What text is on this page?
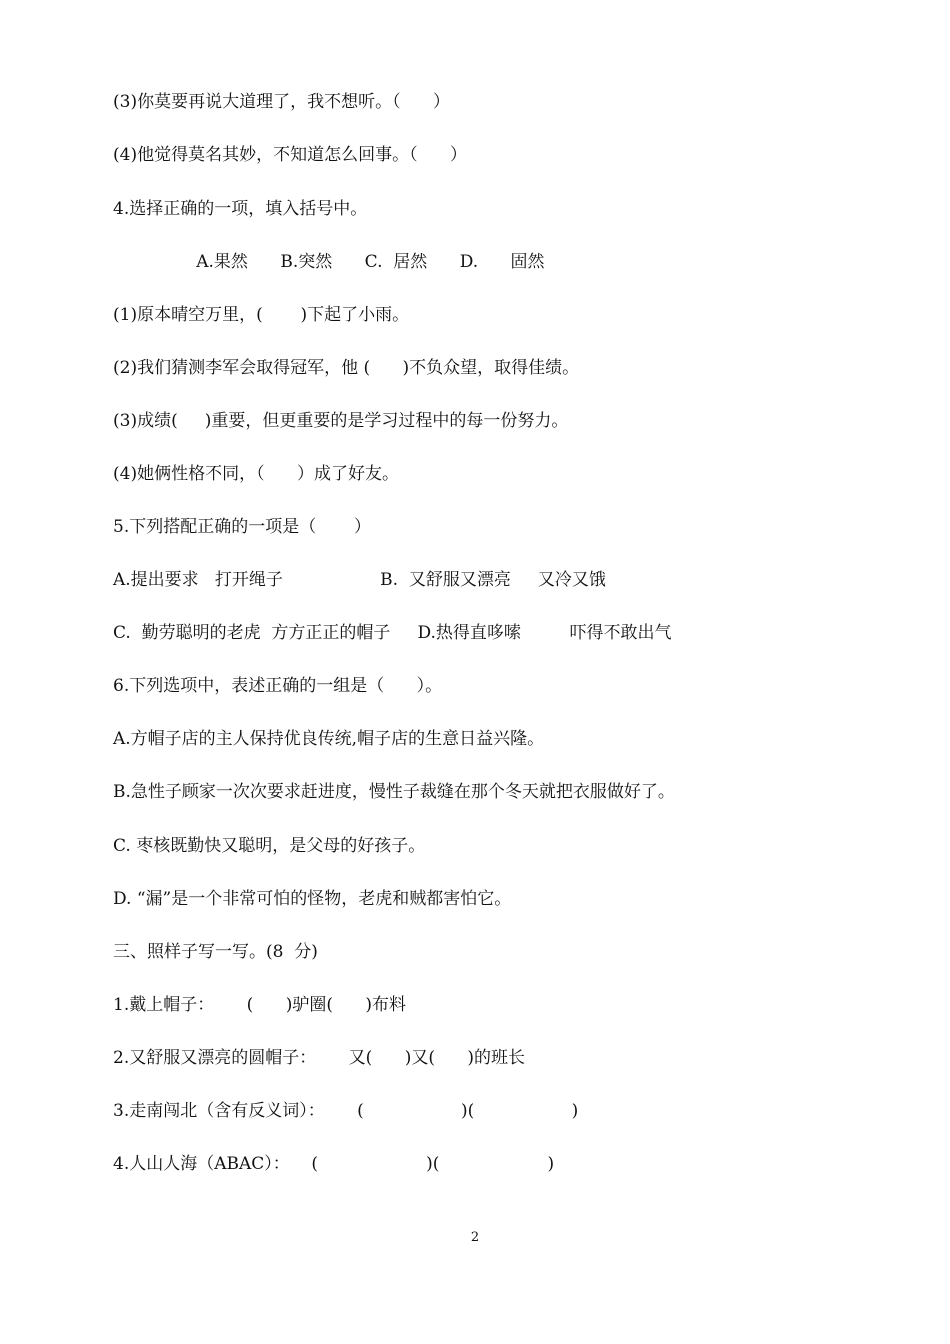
(3)你莫要再说大道理了，我不想听。（      ）
(4)他觉得莫名其妙，不知道怎么回事。（      ）
4.选择正确的一项，填入括号中。
A.果然      B.突然      C.  居然      D.      固然
(1)原本晴空万里，(       )下起了小雨。
(2)我们猜测李军会取得冠军，他 (      )不负众望，取得佳绩。
(3)成绩(     )重要，但更重要的是学习过程中的每一份努力。
(4)她俩性格不同，（      ）成了好友。
5.下列搭配正确的一项是（       ）
A.提出要求   打开绳子                  B.  又舒服又漂亮     又冷又饿
C.  勤劳聪明的老虎  方方正正的帽子     D.热得直哆嗦         吓得不敢出气
6.下列选项中，表述正确的一组是（      ）。
A.方帽子店的主人保持优良传统,帽子店的生意日益兴隆。
B.急性子顾家一次次要求赶进度，慢性子裁缝在那个冬天就把衣服做好了。
C. 枣核既勤快又聪明，是父母的好孩子。
D. “漏”是一个非常可怕的怪物，老虎和贼都害怕它。
三、照样子写一写。(8  分)
1.戴上帽子：      (      )驴圈(      )布料
2.又舒服又漂亮的圆帽子：      又(      )又(      )的班长
3.走南闯北（含有反义词）：      (                  )(                  )
4.人山人海（ABAC）：    (                    )(                    )
2
